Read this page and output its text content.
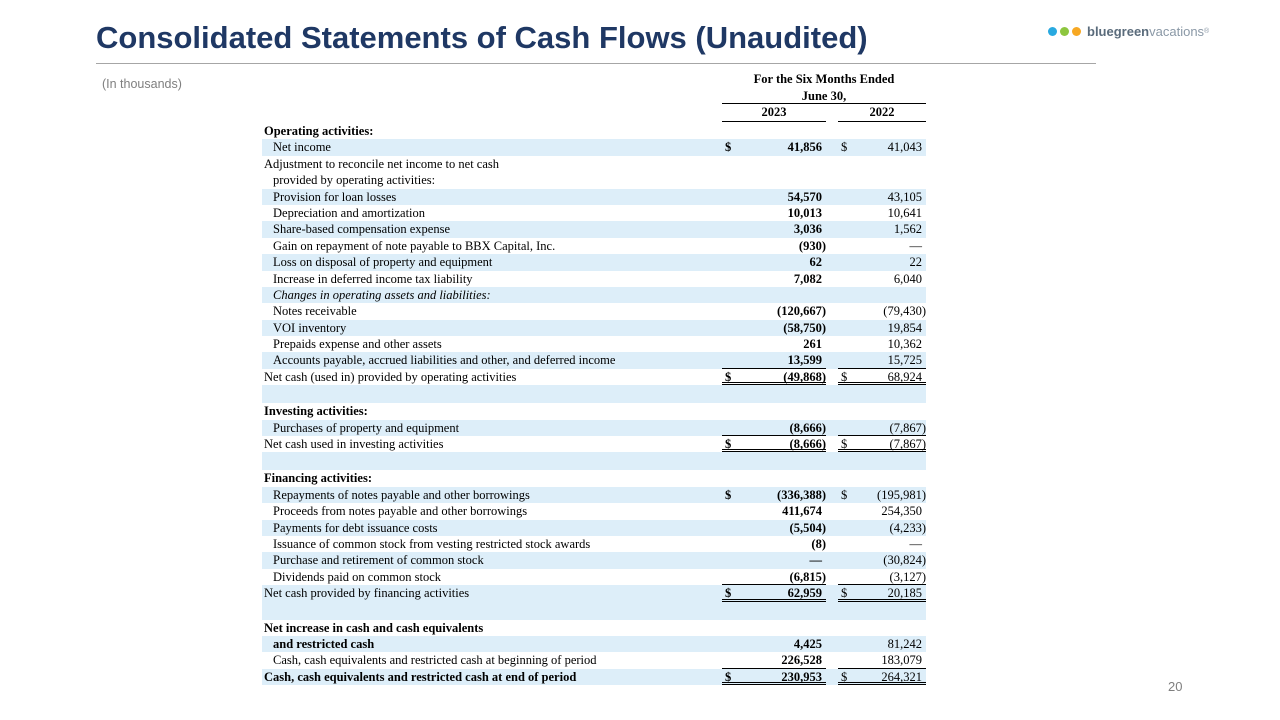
Consolidated Statements of Cash Flows (Unaudited)	bluegreen vacations ®
(In thousands)	For the Six Months Ended
June 30,
2023	2022
Operating activities:
Net income	$	41,856 $	41,043
Adjustment to reconcile net income to net cash
provided by operating activities:
Provision for loan losses	54,570	43,105
Depreciation and amortization	10,013	10,641
Share-based compensation expense	3,036	1,562
Gain on repayment of note payable to BBX Capital, Inc.	(930)	—
Loss on disposal of property and equipment	62	22
Increase in deferred income tax liability	7,082	6,040
Changes in operating assets and liabilities:
Notes receivable	(120,667)	(79,430)
VOI inventory	(58,750)	19,854
Prepaids expense and other assets	261	10,362
Accounts payable, accrued liabilities and other, and deferred income	13,599	15,725
Net cash (used in) provided by operating activities	$	(49,868) $	68,924
Investing activities:
Purchases of property and equipment	(8,666)	(7,867)
Net cash used in investing activities	$	(8,666) $	(7,867)
Financing activities:
Repayments of notes payable and other borrowings	$	(336,388) $ (195,981)
Proceeds from notes payable and other borrowings	411,674	254,350
Payments for debt issuance costs	(5,504)	(4,233)
Issuance of common stock from vesting restricted stock awards	(8)	—
Purchase and retirement of common stock	—	(30,824)
Dividends paid on common stock	(6,815)	(3,127)
Net cash provided by financing activities	$	62,959 $	20,185
Net increase in cash and cash equivalents
and restricted cash	4,425	81,242
Cash, cash equivalents and restricted cash at beginning of period	226,528	183,079
Cash, cash equivalents and restricted cash at end of period	$	230,953 $	264,321
20
